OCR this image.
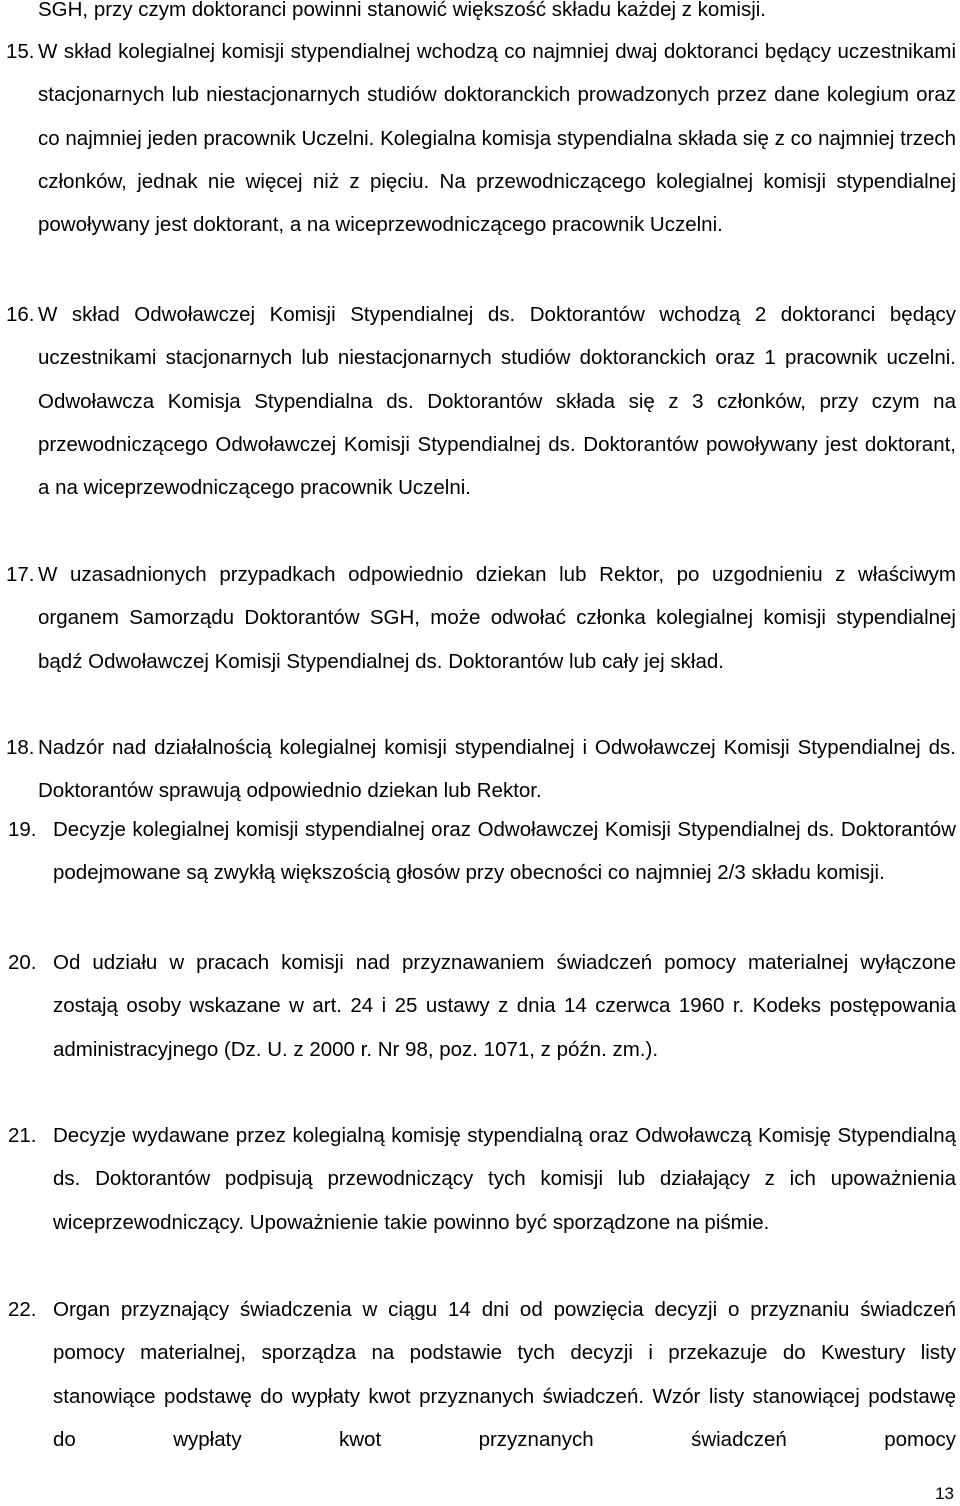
SGH, przy czym doktoranci powinni stanowić większość składu każdej z komisji.
15. W skład kolegialnej komisji stypendialnej wchodzą co najmniej dwaj doktoranci będący uczestnikami stacjonarnych lub niestacjonarnych studiów doktoranckich prowadzonych przez dane kolegium oraz co najmniej jeden pracownik Uczelni. Kolegialna komisja stypendialna składa się z co najmniej trzech członków, jednak nie więcej niż z pięciu. Na przewodniczącego kolegialnej komisji stypendialnej powoływany jest doktorant, a na wiceprzewodniczącego pracownik Uczelni.
16. W skład Odwoławczej Komisji Stypendialnej ds. Doktorantów wchodzą 2 doktoranci będący uczestnikami stacjonarnych lub niestacjonarnych studiów doktoranckich oraz 1 pracownik uczelni. Odwoławcza Komisja Stypendialna ds. Doktorantów składa się z 3 członków, przy czym na przewodniczącego Odwoławczej Komisji Stypendialnej ds. Doktorantów powoływany jest doktorant, a na wiceprzewodniczącego pracownik Uczelni.
17. W uzasadnionych przypadkach odpowiednio dziekan lub Rektor, po uzgodnieniu z właściwym organem Samorządu Doktorantów SGH, może odwołać członka kolegialnej komisji stypendialnej bądź Odwoławczej Komisji Stypendialnej ds. Doktorantów lub cały jej skład.
18. Nadzór nad działalnością kolegialnej komisji stypendialnej i Odwoławczej Komisji Stypendialnej ds. Doktorantów sprawują odpowiednio dziekan lub Rektor.
19. Decyzje kolegialnej komisji stypendialnej oraz Odwoławczej Komisji Stypendialnej ds. Doktorantów podejmowane są zwykłą większością głosów przy obecności co najmniej 2/3 składu komisji.
20. Od udziału w pracach komisji nad przyznawaniem świadczeń pomocy materialnej wyłączone zostają osoby wskazane w art. 24 i 25 ustawy z dnia 14 czerwca 1960 r. Kodeks postępowania administracyjnego (Dz. U. z 2000 r. Nr 98, poz. 1071, z późn. zm.).
21. Decyzje wydawane przez kolegialną komisję stypendialną oraz Odwoławczą Komisję Stypendialną ds. Doktorantów podpisują przewodniczący tych komisji lub działający z ich upoważnienia wiceprzewodniczący. Upoważnienie takie powinno być sporządzone na piśmie.
22. Organ przyznający świadczenia w ciągu 14 dni od powzięcia decyzji o przyznaniu świadczeń pomocy materialnej, sporządza na podstawie tych decyzji i przekazuje do Kwestury listy stanowiące podstawę do wypłaty kwot przyznanych świadczeń. Wzór listy stanowiącej podstawę do wypłaty kwot przyznanych świadczeń pomocy
13
